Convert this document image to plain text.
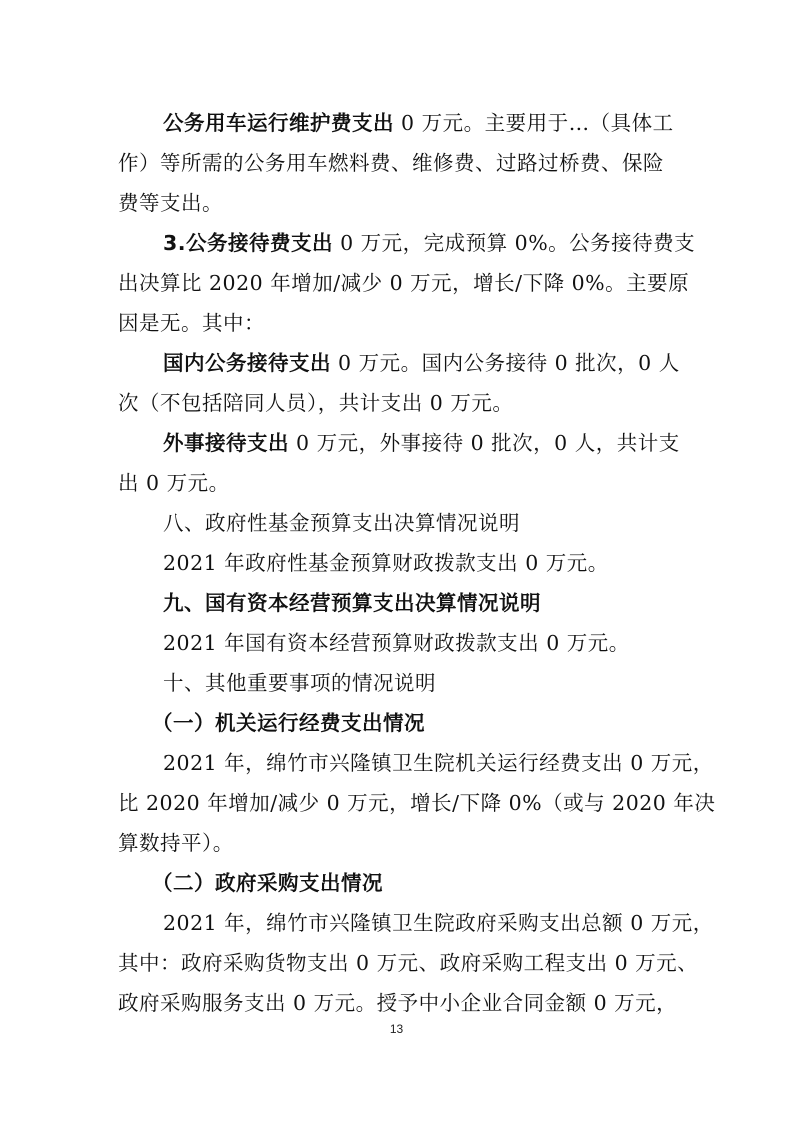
公务用车运行维护费支出 0 万元。主要用于…（具体工
作）等所需的公务用车燃料费、维修费、过路过桥费、保险
费等支出。
3.公务接待费支出 0 万元，完成预算 0%。公务接待费支
出决算比 2020 年增加/减少 0 万元，增长/下降 0%。主要原
因是无。其中：
国内公务接待支出 0 万元。国内公务接待 0 批次，0 人
次（不包括陪同人员），共计支出 0 万元。
外事接待支出 0 万元，外事接待 0 批次，0 人，共计支
出 0 万元。
八、政府性基金预算支出决算情况说明
2021 年政府性基金预算财政拨款支出 0 万元。
九、国有资本经营预算支出决算情况说明
2021 年国有资本经营预算财政拨款支出 0 万元。
十、其他重要事项的情况说明
（一）机关运行经费支出情况
2021 年，绵竹市兴隆镇卫生院机关运行经费支出 0 万元，
比 2020 年增加/减少 0 万元，增长/下降 0%（或与 2020 年决
算数持平）。
（二）政府采购支出情况
2021 年，绵竹市兴隆镇卫生院政府采购支出总额 0 万元，
其中：政府采购货物支出 0 万元、政府采购工程支出 0 万元、
政府采购服务支出 0 万元。授予中小企业合同金额 0 万元，
13
